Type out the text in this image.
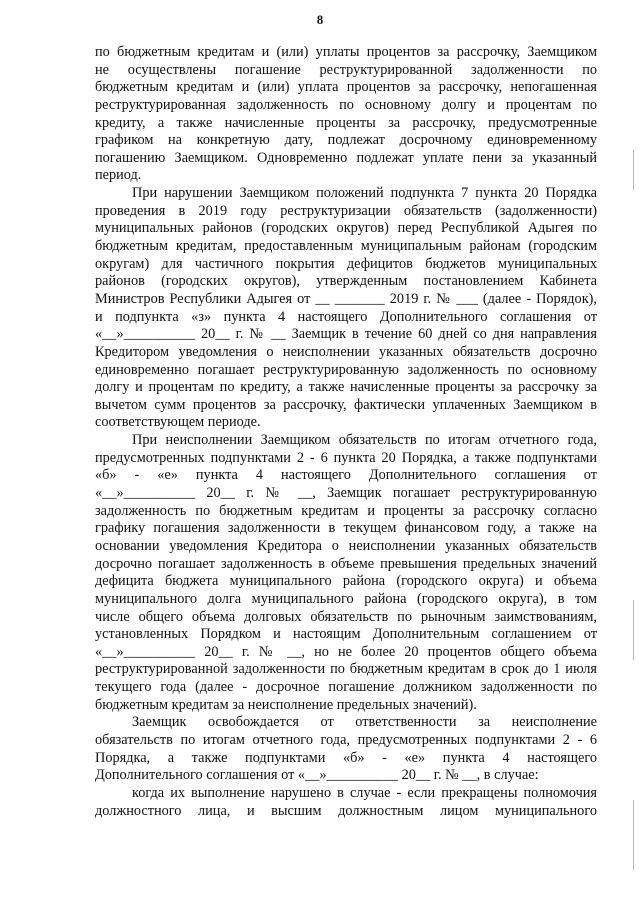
8
по бюджетным кредитам и (или) уплаты процентов за рассрочку, Заемщиком
не осуществлены погашение реструктурированной задолженности по
бюджетным кредитам и (или) уплата процентов за рассрочку, непогашенная
реструктурированная задолженность по основному долгу и процентам по
кредиту, а также начисленные проценты за рассрочку, предусмотренные
графиком на конкретную дату, подлежат досрочному единовременному
погашению Заемщиком. Одновременно подлежат уплате пени за указанный
период.
При нарушении Заемщиком положений подпункта 7 пункта 20 Порядка
проведения в 2019 году реструктуризации обязательств (задолженности)
муниципальных районов (городских округов) перед Республикой Адыгея по
бюджетным кредитам, предоставленным муниципальным районам (городским
округам) для частичного покрытия дефицитов бюджетов муниципальных
районов (городских округов), утвержденным постановлением Кабинета
Министров Республики Адыгея от __ _______ 2019 г. № ___ (далее - Порядок),
и подпункта «з» пункта 4 настоящего Дополнительного соглашения от
«__»__________ 20__ г. № __ Заемщик в течение 60 дней со дня направления
Кредитором уведомления о неисполнении указанных обязательств досрочно
единовременно погашает реструктурированную задолженность по основному
долгу и процентам по кредиту, а также начисленные проценты за рассрочку за
вычетом сумм процентов за рассрочку, фактически уплаченных Заемщиком в
соответствующем периоде.
При неисполнении Заемщиком обязательств по итогам отчетного года,
предусмотренных подпунктами 2 - 6 пункта 20 Порядка, а также подпунктами
«б» - «е» пункта 4 настоящего Дополнительного соглашения от
«__»__________ 20__ г. № __, Заемщик погашает реструктурированную
задолженность по бюджетным кредитам и проценты за рассрочку согласно
графику погашения задолженности в текущем финансовом году, а также на
основании уведомления Кредитора о неисполнении указанных обязательств
досрочно погашает задолженность в объеме превышения предельных значений
дефицита бюджета муниципального района (городского округа) и объема
муниципального долга муниципального района (городского округа), в том
числе общего объема долговых обязательств по рыночным заимствованиям,
установленных Порядком и настоящим Дополнительным соглашением от
«__»__________ 20__ г. № __, но не более 20 процентов общего объема
реструктурированной задолженности по бюджетным кредитам в срок до 1 июля
текущего года (далее - досрочное погашение должником задолженности по
бюджетным кредитам за неисполнение предельных значений).
Заемщик освобождается от ответственности за неисполнение
обязательств по итогам отчетного года, предусмотренных подпунктами 2 - 6
Порядка, а также подпунктами «б» - «е» пункта 4 настоящего
Дополнительного соглашения от «__»__________ 20__ г. № __, в случае:
когда их выполнение нарушено в случае - если прекращены полномочия
должностного лица, и высшим должностным лицом муниципального
